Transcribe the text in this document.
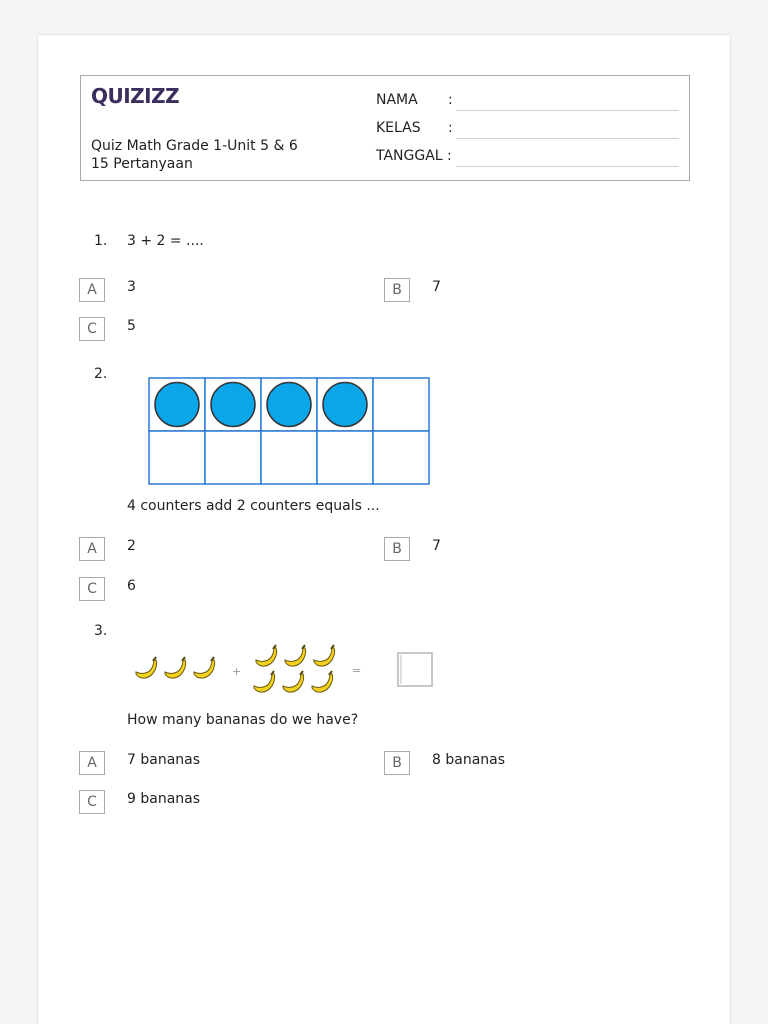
QUIZIZZ
Quiz Math Grade 1-Unit 5 & 6
15 Pertanyaan
NAMA :
KELAS :
TANGGAL :
1. 3 + 2 = ....
A	3	B	7
C	5
2.
4 counters add 2 counters equals ...
A	2	B	7
C	6
3.
+	=
How many bananas do we have?
A	7 bananas	B	8 bananas
C	9 bananas
